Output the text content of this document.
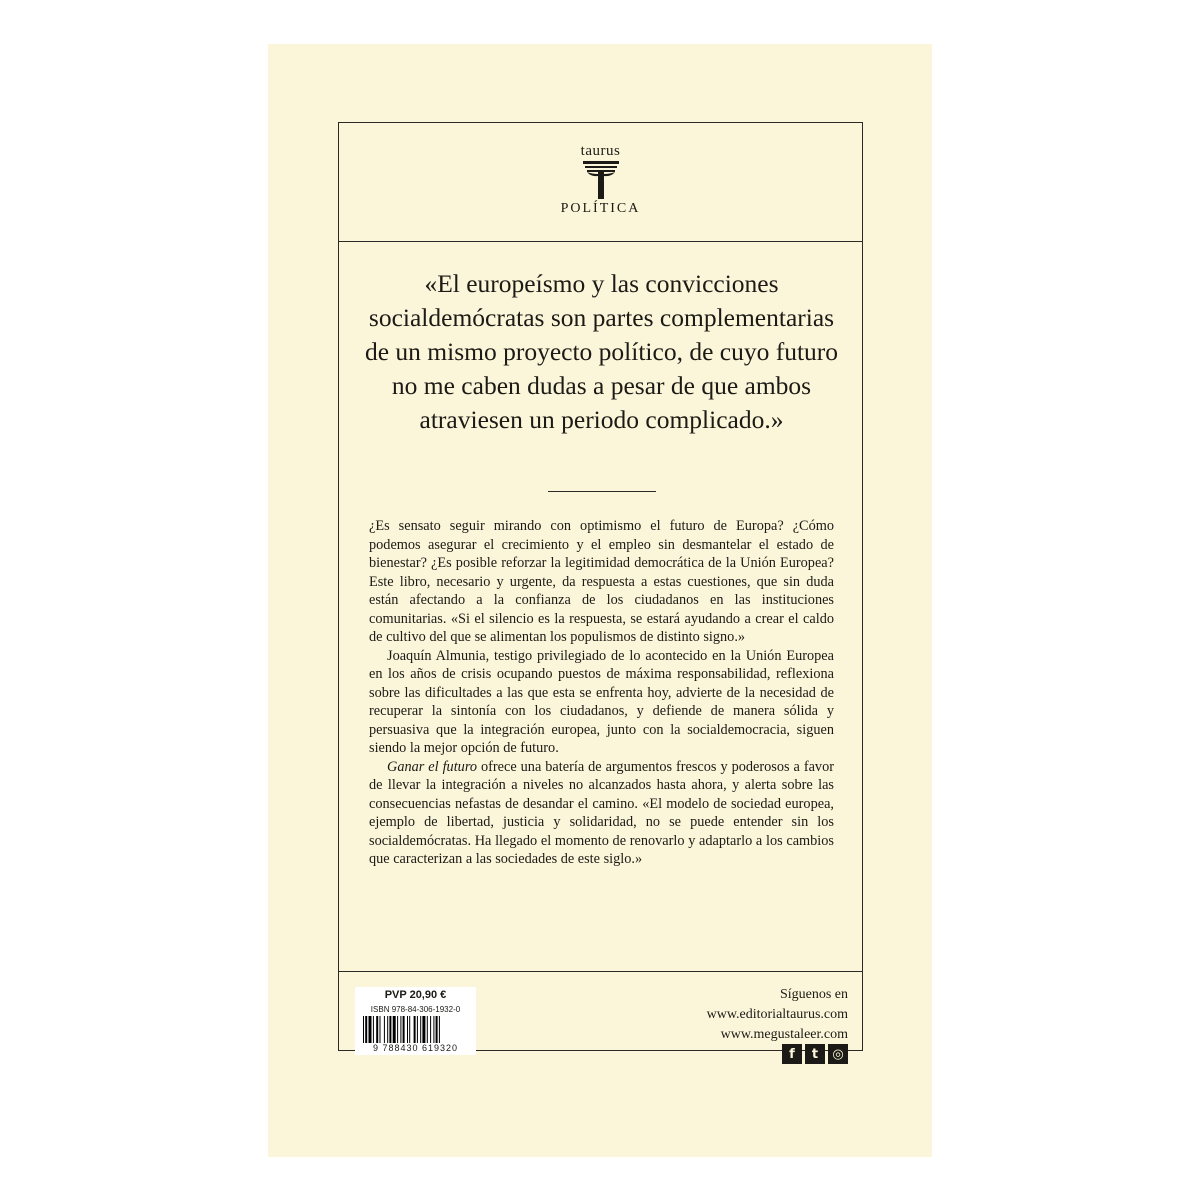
taurus
POLÍTICA

«El europeísmo y las convicciones socialdemócratas son partes complementarias de un mismo proyecto político, de cuyo futuro no me caben dudas a pesar de que ambos atraviesen un periodo complicado.»

¿Es sensato seguir mirando con optimismo el futuro de Europa? ¿Cómo podemos asegurar el crecimiento y el empleo sin desmantelar el estado de bienestar? ¿Es posible reforzar la legitimidad democrática de la Unión Europea? Este libro, necesario y urgente, da respuesta a estas cuestiones, que sin duda están afectando a la confianza de los ciudadanos en las instituciones comunitarias. «Si el silencio es la respuesta, se estará ayudando a crear el caldo de cultivo del que se alimentan los populismos de distinto signo.»

Joaquín Almunia, testigo privilegiado de lo acontecido en la Unión Europea en los años de crisis ocupando puestos de máxima responsabilidad, reflexiona sobre las dificultades a las que esta se enfrenta hoy, advierte de la necesidad de recuperar la sintonía con los ciudadanos, y defiende de manera sólida y persuasiva que la integración europea, junto con la socialdemocracia, siguen siendo la mejor opción de futuro.

Ganar el futuro ofrece una batería de argumentos frescos y poderosos a favor de llevar la integración a niveles no alcanzados hasta ahora, y alerta sobre las consecuencias nefastas de desandar el camino. «El modelo de sociedad europea, ejemplo de libertad, justicia y solidaridad, no se puede entender sin los socialdemócratas. Ha llegado el momento de renovarlo y adaptarlo a los cambios que caracterizan a las sociedades de este siglo.»

PVP 20,90 €
ISBN 978-84-306-1932-0
9 788430 619320
Síguenos en
www.editorialtaurus.com
www.megustaleer.com
f	t	◎
